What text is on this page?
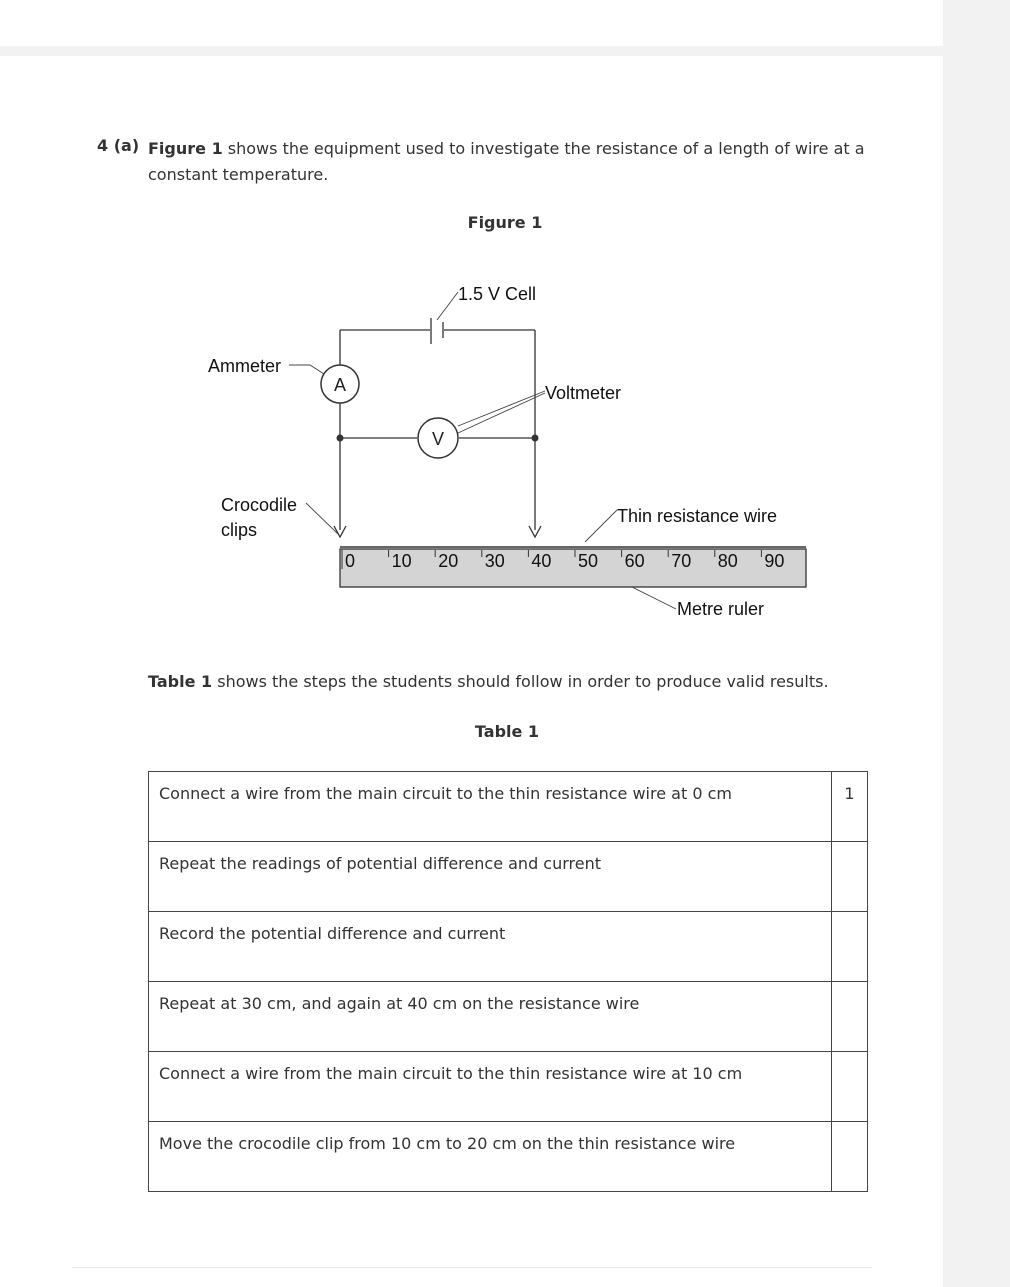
4 (a) Figure 1 shows the equipment used to investigate the resistance of a length of wire at a constant temperature.
Figure 1
A
V
0 10 20 30 40 50 60 70 80 90
1.5 V Cell
Ammeter
Voltmeter
Crocodile
clips
Thin resistance wire
Metre ruler
Table 1 shows the steps the students should follow in order to produce valid results.
Table 1
Connect a wire from the main circuit to the thin resistance wire at 0 cm	1
Repeat the readings of potential difference and current	
Record the potential difference and current	
Repeat at 30 cm, and again at 40 cm on the resistance wire	
Connect a wire from the main circuit to the thin resistance wire at 10 cm	
Move the crocodile clip from 10 cm to 20 cm on the thin resistance wire	
